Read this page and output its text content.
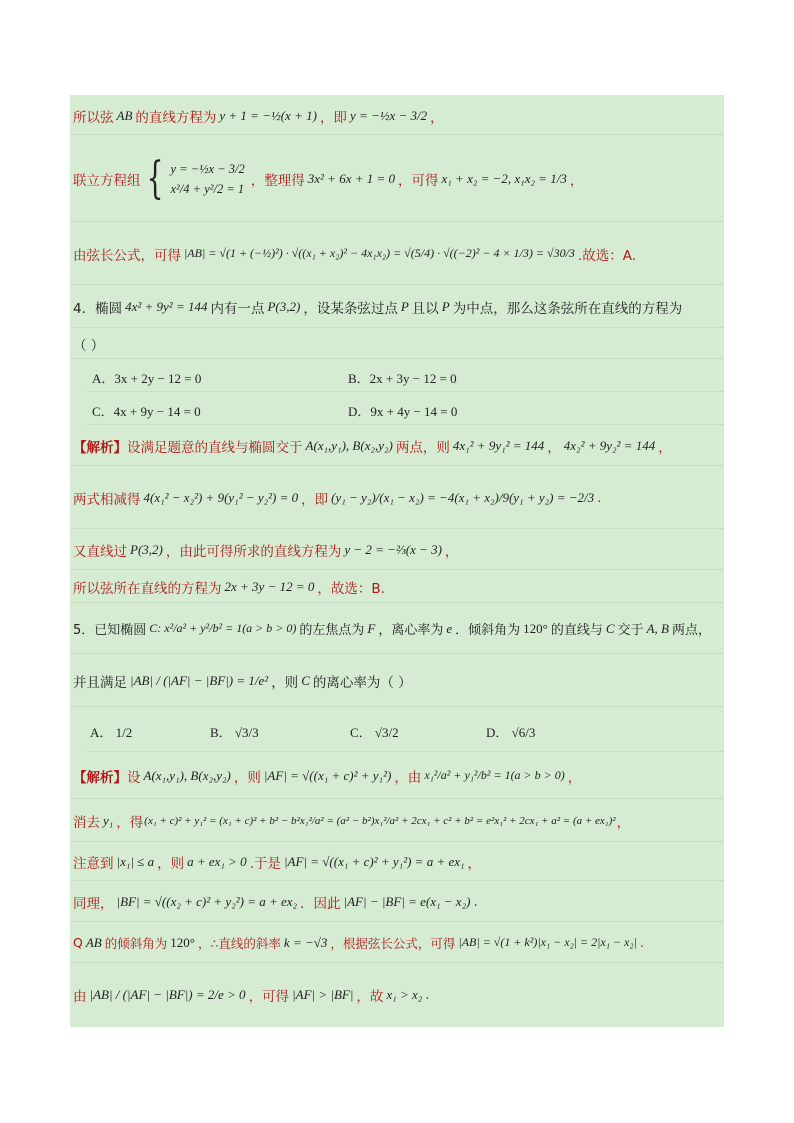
所以弦 AB 的直线方程为 y + 1 = −½(x + 1) ，即 y = −½x − 3/2 ，
联立方程组 { y = −½x − 3/2
x²/4 + y²/2 = 1 ，整理得 3x² + 6x + 1 = 0 ，可得 x₁ + x₂ = −2, x₁x₂ = 1/3 ，
由弦长公式，可得 |AB| = √(1 + (−½)²) · √((x₁ + x₂)² − 4x₁x₂) = √(5/4) · √((−2)² − 4 × 1/3) = √30/3 .故选：A.
4．椭圆 4x² + 9y² = 144 内有一点 P(3,2) ，设某条弦过点 P 且以 P 为中点，那么这条弦所在直线的方程为
（ ）
A．3x + 2y − 12 = 0	B．2x + 3y − 12 = 0
C．4x + 9y − 14 = 0	D．9x + 4y − 14 = 0
【解析】 设满足题意的直线与椭圆交于 A(x₁,y₁), B(x₂,y₂) 两点，则 4x₁² + 9y₁² = 144 ， 4x₂² + 9y₂² = 144 ，
两式相减得 4(x₁² − x₂²) + 9(y₁² − y₂²) = 0 ，即 (y₁ − y₂)/(x₁ − x₂) = −4(x₁ + x₂)/9(y₁ + y₂) = −2/3 .
又直线过 P(3,2) ，由此可得所求的直线方程为 y − 2 = −⅔(x − 3) ，
所以弦所在直线的方程为 2x + 3y − 12 = 0 ，故选：B.
5．已知椭圆 C: x²/a² + y²/b² = 1(a > b > 0) 的左焦点为 F ，离心率为 e ．倾斜角为 120° 的直线与 C 交于 A, B 两点，
并且满足 |AB| / (|AF| − |BF|) = 1/e² ，则 C 的离心率为（ ）
A． 1/2	B． √3/3	C． √3/2	D． √6/3
【解析】 设 A(x₁,y₁), B(x₂,y₂) ，则 |AF| = √((x₁ + c)² + y₁²) ，由 x₁²/a² + y₁²/b² = 1(a > b > 0) ，
消去 y₁ ，得 (x₁ + c)² + y₁² = (x₁ + c)² + b² − b²x₁²/a² = (a² − b²)x₁²/a² + 2cx₁ + c² + b² = e²x₁² + 2cx₁ + a² = (a + ex₁)² ，
注意到 |x₁| ≤ a ，则 a + ex₁ > 0 .于是 |AF| = √((x₁ + c)² + y₁²) = a + ex₁ ，
同理， |BF| = √((x₂ + c)² + y₂²) = a + ex₂ ．因此 |AF| − |BF| = e(x₁ − x₂) .
Q AB 的倾斜角为 120° ，∴直线的斜率 k = −√3 ，根据弦长公式，可得 |AB| = √(1 + k²)|x₁ − x₂| = 2|x₁ − x₂| .
由 |AB| / (|AF| − |BF|) = 2/e > 0 ，可得 |AF| > |BF| ，故 x₁ > x₂ .
